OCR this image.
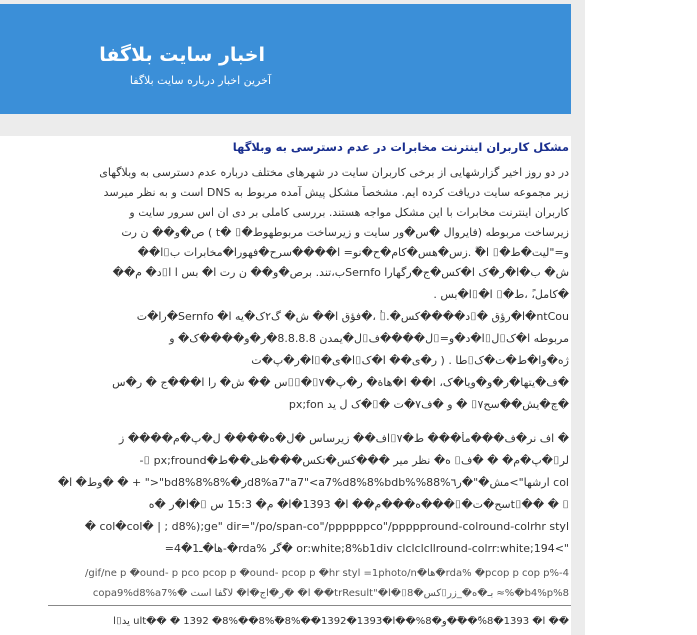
اخبار سایت بلاگفا
آخرین اخبار درباره سایت بلاگفا
مشکل کاربران اینترنت مخابرات در عدم دسترسی به وبلاگها
در دو روز اخیر گزارشهایی از برخی کاربران سایت در شهرهای مختلف درباره عدم دسترسی به وبلاگهای
زیر مجموعه سایت دریافت کرده ایم. مشخصاً مشکل پیش آمده مربوط به DNS است و به نظر میرسد
کاربران اینترنت مخابرات با این مشکل مواجه هستند. بررسی کاملی بر دی ان اس سرور سایت و
زیرساخت مربوطه (فایروال �س�ور سایت و زیرساخت مربوطهوط�t� ⌷ ) ص�و�� ن رت
و="لیت�ط�⌷ ا�ًّ .زس�هس�کام�ح�نو= ا����سرح�فهورا�مخابرات ب⌷ا��
ش� ب�ا�ر�ک ا�کس�ج�رگهارا Sernfoب،تند. برص�و�� ن رت ا� بس ا ا⌷د� م��
�کامل،ً ،ط�⌷ ا�⌷ا�بس .
ntCou�ا�رؤق �⌷د����کس�.⌷ُ ،�فؤق ا�� ش� گ٢ک�یه ا� Sernfo�را�ت
مربوطه ا�ک⌷ل⌷ا�د�و=⌷ل����ف⌷ل�یمدن 8.8.8.8�ر�و����ک� و
ژه�وا�ط�ت�ک⌷طا . ( ر�ی�� ا�ک⌷ا�ی�⌷ا�ر�پ�ت
�ف�یتها�ر�و�ویا�ک، ا�� ا�هاة� ر�پ�⌷⌷�⌷٧س �� ش� را ا���ج � ر�س
�چ�یش��سح⌷٧ � و �ف٧�ت �⌷�ک ل ید px;fon
� اف نر�ف���مأ��� ط�⌷٧اف�� زیرساس �ل�ه���� ل�پ�م���� ز
لر⌷�پ�م� � �ف⌷ ه� نظر میر ���کس�تکس���ظی��ط�⌷ px;fround-
col ارشها">مش�"�ر٦%d8%a7"a7"<a7%d8%8%bdb%%88ر�%8%bd8%8"<" + � �وط� ا�
t⌷�� � ⌷سح�ت�⌷���ه���م�� ا� 1393�ا� م� 15:3 س ⌷�ا�ر �ه
col�col� | ; d8%);ge" dir="/po/span-co"/ppppppco"/pppppround-colround-colrhr styl �
">or:white;8%b1div clclclcllround-colrr:white;194 �گر %rda�-ها�ـ1�4=
rda% �pcop p cop p%-4�ها�gif/ne p �ound- p pco pcop p �ound- pcop p �hr styl =1photo/n/
b4%p%8�%≈ بـ�ه�_زر⌷کس�⌷8�ا�"trResult�� ا� �ر�اج�ا� لاگفا است �copa9%d8%a7%
�� ا� 1393�8%ٌ��ٌ�و�8%��ا�1393�ult�� � 1392 �8%��8%ٌ�8%��1392 ید⌷ا
